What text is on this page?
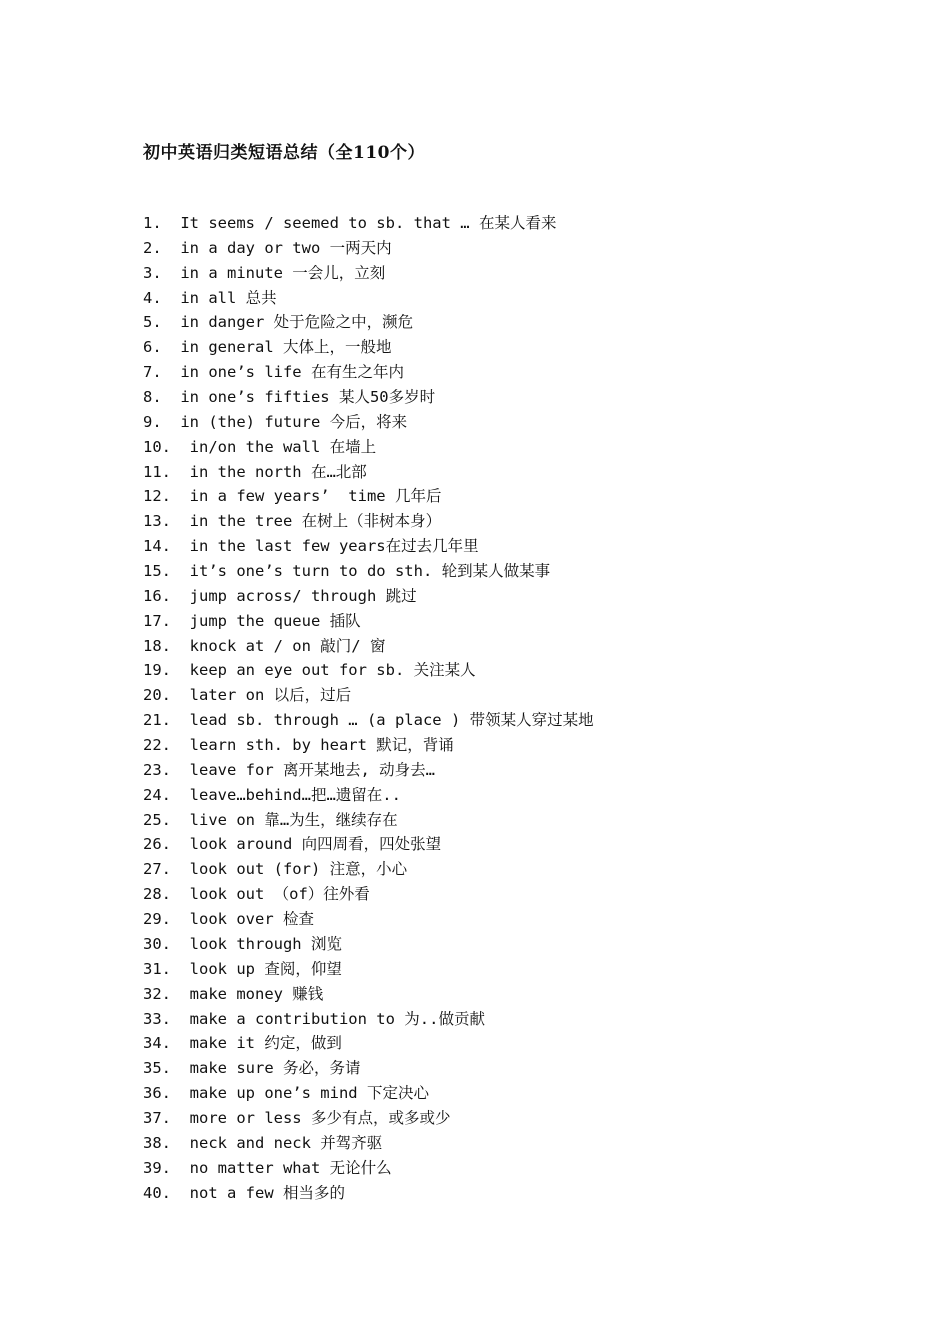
初中英语归类短语总结（全110个）
1.  It seems / seemed to sb. that … 在某人看来
2.  in a day or two 一两天内
3.  in a minute 一会儿，立刻
4.  in all 总共
5.  in danger 处于危险之中，濒危
6.  in general 大体上，一般地
7.  in one’s life 在有生之年内
8.  in one’s fifties 某人50多岁时
9.  in (the) future 今后，将来
10.  in/on the wall 在墙上
11.  in the north 在…北部
12.  in a few years’  time 几年后
13.  in the tree 在树上（非树本身）
14.  in the last few years在过去几年里
15.  it’s one’s turn to do sth. 轮到某人做某事
16.  jump across/ through 跳过
17.  jump the queue 插队
18.  knock at / on 敲门/ 窗
19.  keep an eye out for sb. 关注某人
20.  later on 以后，过后
21.  lead sb. through … (a place ) 带领某人穿过某地
22.  learn sth. by heart 默记，背诵
23.  leave for 离开某地去, 动身去…
24.  leave…behind…把…遗留在..
25.  live on 靠…为生，继续存在
26.  look around 向四周看，四处张望
27.  look out (for) 注意，小心
28.  look out （of）往外看
29.  look over 检查
30.  look through 浏览
31.  look up 查阅，仰望
32.  make money 赚钱
33.  make a contribution to 为..做贡献
34.  make it 约定，做到
35.  make sure 务必，务请
36.  make up one’s mind 下定决心
37.  more or less 多少有点，或多或少
38.  neck and neck 并驾齐驱
39.  no matter what 无论什么
40.  not a few 相当多的
